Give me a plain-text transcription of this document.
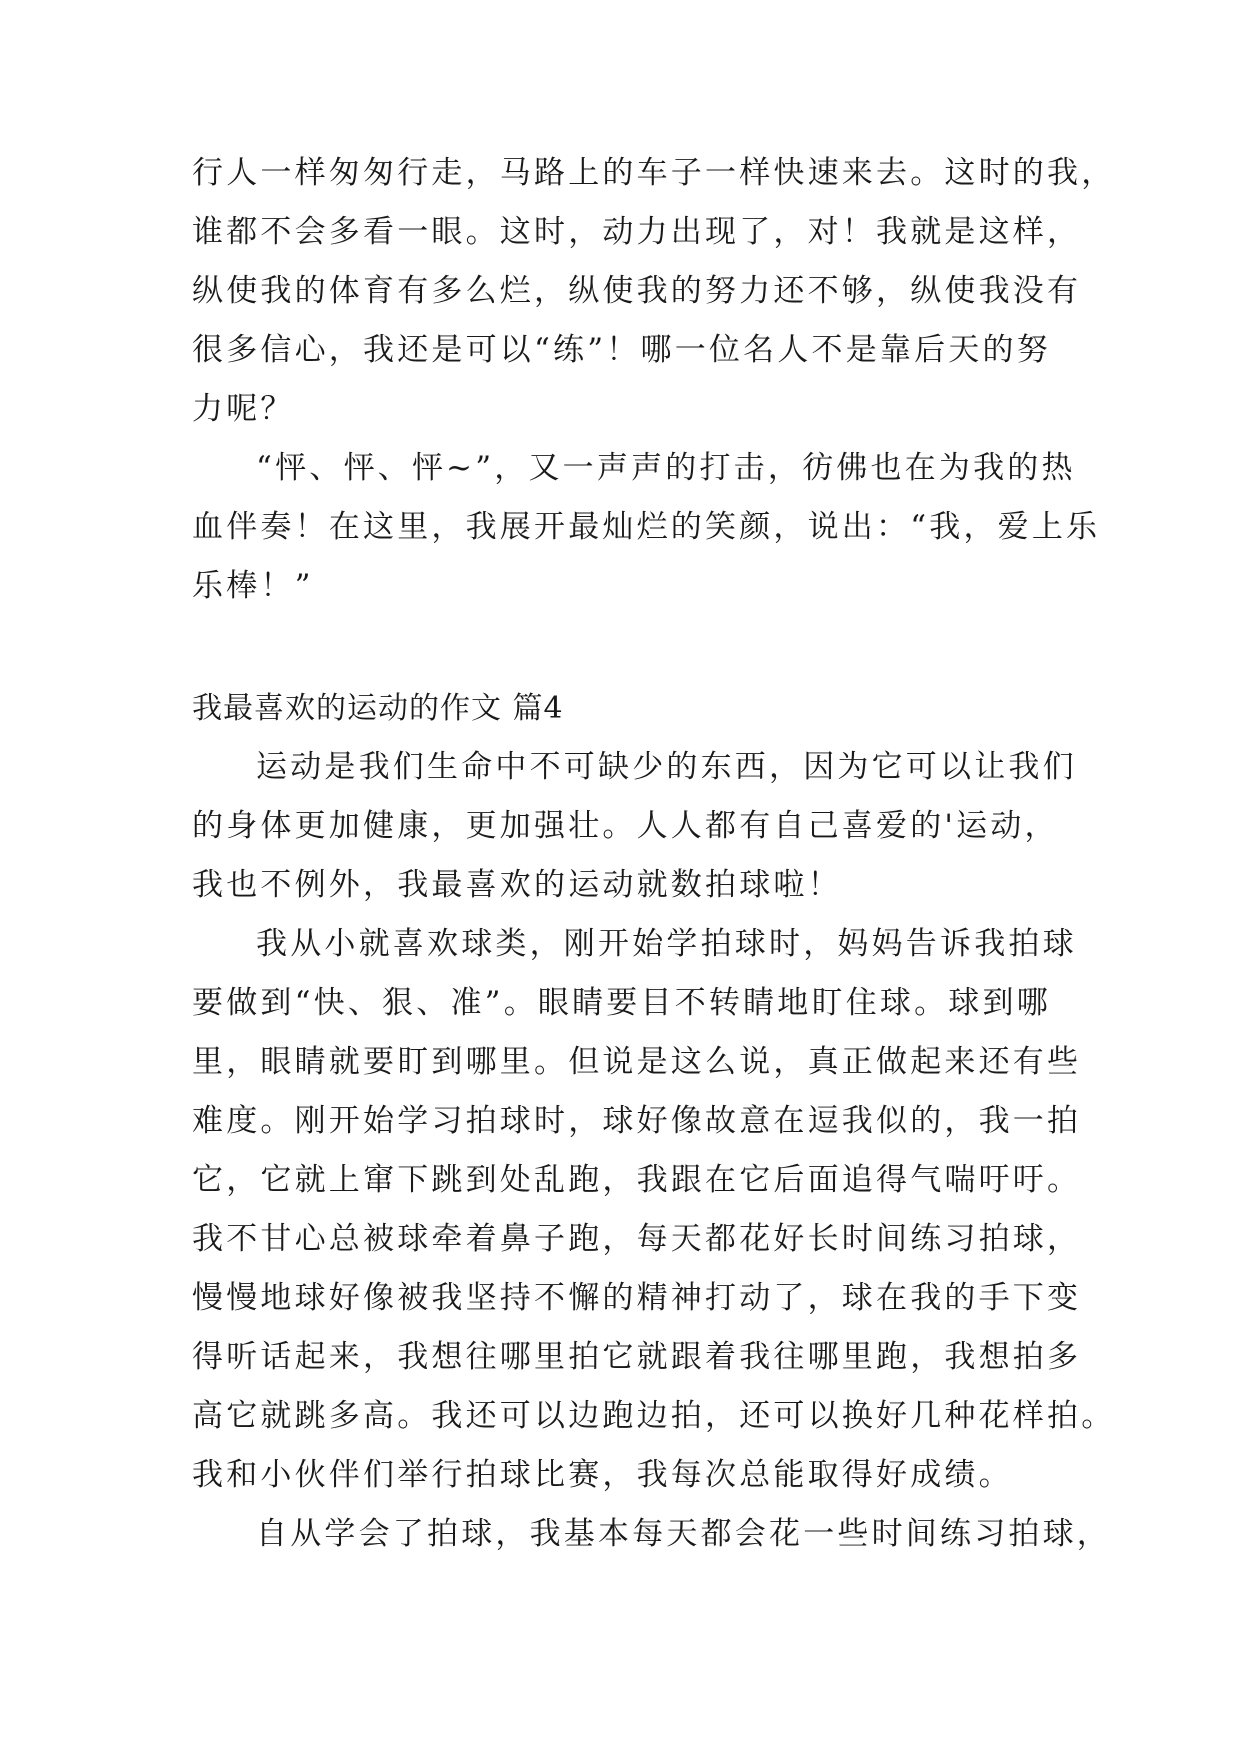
行人一样匆匆行走，马路上的车子一样快速来去。这时的我，
谁都不会多看一眼。这时，动力出现了，对！我就是这样，
纵使我的体育有多么烂，纵使我的努力还不够，纵使我没有
很多信心，我还是可以“练”！哪一位名人不是靠后天的努
力呢？
“怦、怦、怦~”，又一声声的打击，彷佛也在为我的热
血伴奏！在这里，我展开最灿烂的笑颜，说出：“我，爱上乐
乐棒！”
我最喜欢的运动的作文 篇4
运动是我们生命中不可缺少的东西，因为它可以让我们
的身体更加健康，更加强壮。人人都有自己喜爱的'运动，
我也不例外，我最喜欢的运动就数拍球啦！
我从小就喜欢球类，刚开始学拍球时，妈妈告诉我拍球
要做到“快、狠、准”。眼睛要目不转睛地盯住球。球到哪
里，眼睛就要盯到哪里。但说是这么说，真正做起来还有些
难度。刚开始学习拍球时，球好像故意在逗我似的，我一拍
它，它就上窜下跳到处乱跑，我跟在它后面追得气喘吁吁。
我不甘心总被球牵着鼻子跑，每天都花好长时间练习拍球，
慢慢地球好像被我坚持不懈的精神打动了，球在我的手下变
得听话起来，我想往哪里拍它就跟着我往哪里跑，我想拍多
高它就跳多高。我还可以边跑边拍，还可以换好几种花样拍。
我和小伙伴们举行拍球比赛，我每次总能取得好成绩。
自从学会了拍球，我基本每天都会花一些时间练习拍球，
